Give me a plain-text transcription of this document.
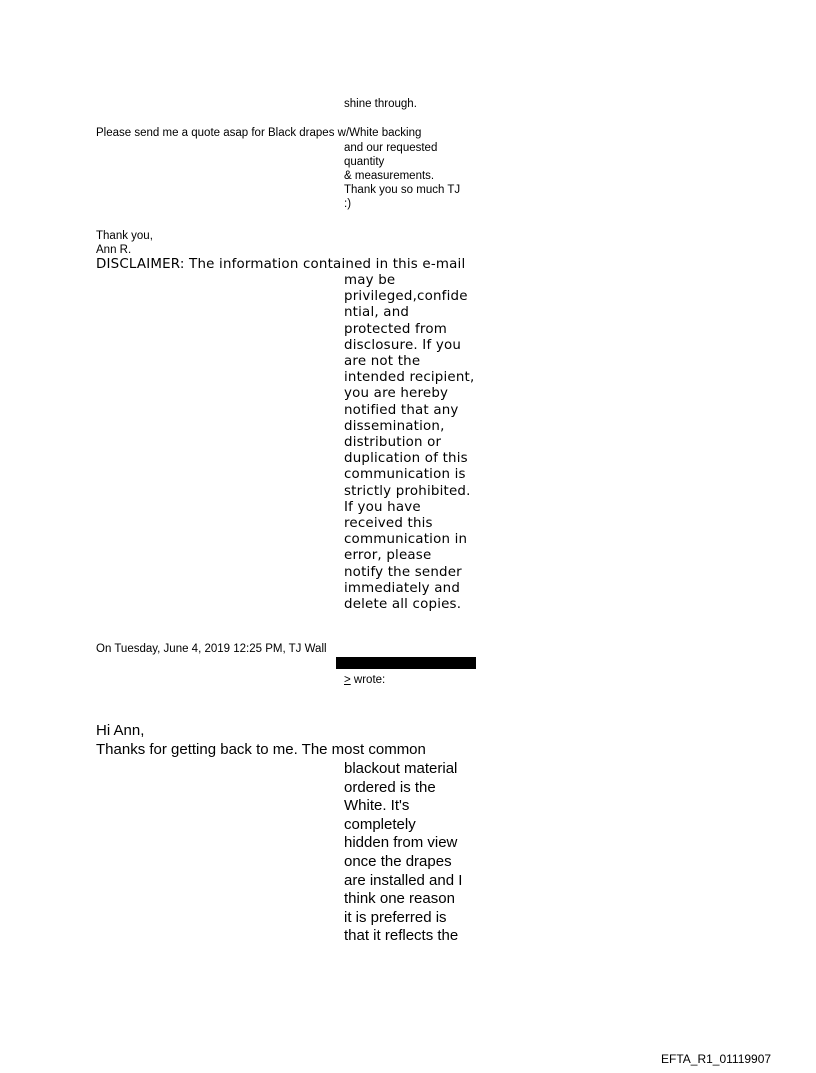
shine through.
Please send me a quote asap for Black drapes w/White backing
and our requested
quantity
& measurements.
Thank you so much TJ
:)
Thank you,
Ann R.
DISCLAIMER: The information contained in this e-mail
may be
privileged,confide
ntial, and
protected from
disclosure. If you
are not the
intended recipient,
you are hereby
notified that any
dissemination,
distribution or
duplication of this
communication is
strictly prohibited.
If you have
received this
communication in
error, please
notify the sender
immediately and
delete all copies.
On Tuesday, June 4, 2019 12:25 PM, TJ Wall
> wrote:
Hi Ann,
Thanks for getting back to me. The most common
blackout material
ordered is the
White. It's
completely
hidden from view
once the drapes
are installed and I
think one reason
it is preferred is
that it reflects the
EFTA_R1_01119907
